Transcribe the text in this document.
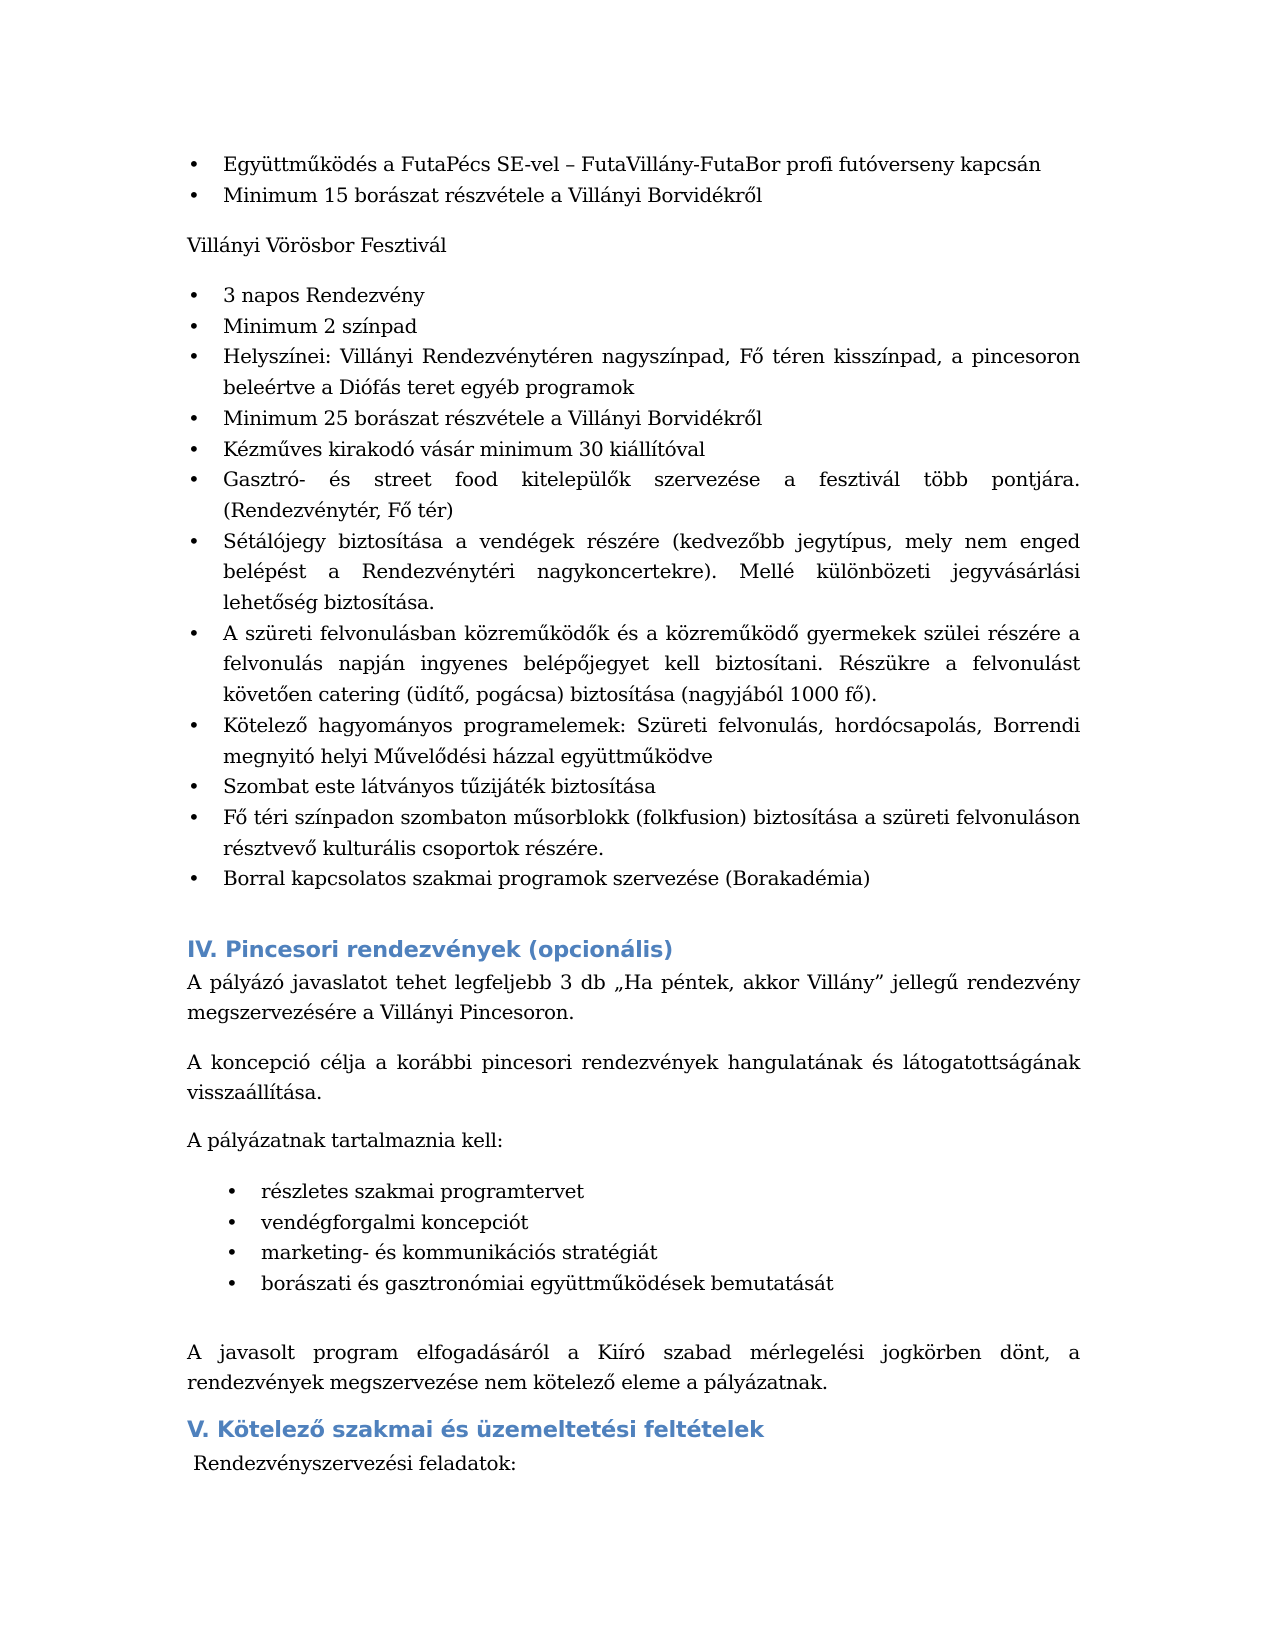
• Együttműködés a FutaPécs SE-vel – FutaVillány-FutaBor profi futóverseny kapcsán
• Minimum 15 borászat részvétele a Villányi Borvidékről

Villányi Vörösbor Fesztivál

• 3 napos Rendezvény
• Minimum 2 színpad
• Helyszínei: Villányi Rendezvénytéren nagyszínpad, Fő téren kisszínpad, a pincesoron beleértve a Diófás teret egyéb programok
• Minimum 25 borászat részvétele a Villányi Borvidékről
• Kézműves kirakodó vásár minimum 30 kiállítóval
• Gasztró- és street food kitelepülők szervezése a fesztivál több pontjára. (Rendezvénytér, Fő tér)
• Sétálójegy biztosítása a vendégek részére (kedvezőbb jegytípus, mely nem enged belépést a Rendezvénytéri nagykoncertekre). Mellé különbözeti jegyvásárlási lehetőség biztosítása.
• A szüreti felvonulásban közreműködők és a közreműködő gyermekek szülei részére a felvonulás napján ingyenes belépőjegyet kell biztosítani. Részükre a felvonulást követően catering (üdítő, pogácsa) biztosítása (nagyjából 1000 fő).
• Kötelező hagyományos programelemek: Szüreti felvonulás, hordócsapolás, Borrendi megnyitó helyi Művelődési házzal együttműködve
• Szombat este látványos tűzijáték biztosítása
• Fő téri színpadon szombaton műsorblokk (folkfusion) biztosítása a szüreti felvonuláson résztvevő kulturális csoportok részére.
• Borral kapcsolatos szakmai programok szervezése (Borakadémia)
IV. Pincesori rendezvények (opcionális)

A pályázó javaslatot tehet legfeljebb 3 db „Ha péntek, akkor Villány” jellegű rendezvény megszervezésére a Villányi Pincesoron.

A koncepció célja a korábbi pincesori rendezvények hangulatának és látogatottságának visszaállítása.

A pályázatnak tartalmaznia kell:

• részletes szakmai programtervet
• vendégforgalmi koncepciót
• marketing- és kommunikációs stratégiát
• borászati és gasztronómiai együttműködések bemutatását

A javasolt program elfogadásáról a Kiíró szabad mérlegelési jogkörben dönt, a rendezvények megszervezése nem kötelező eleme a pályázatnak.

V. Kötelező szakmai és üzemeltetési feltételek

Rendezvényszervezési feladatok:
